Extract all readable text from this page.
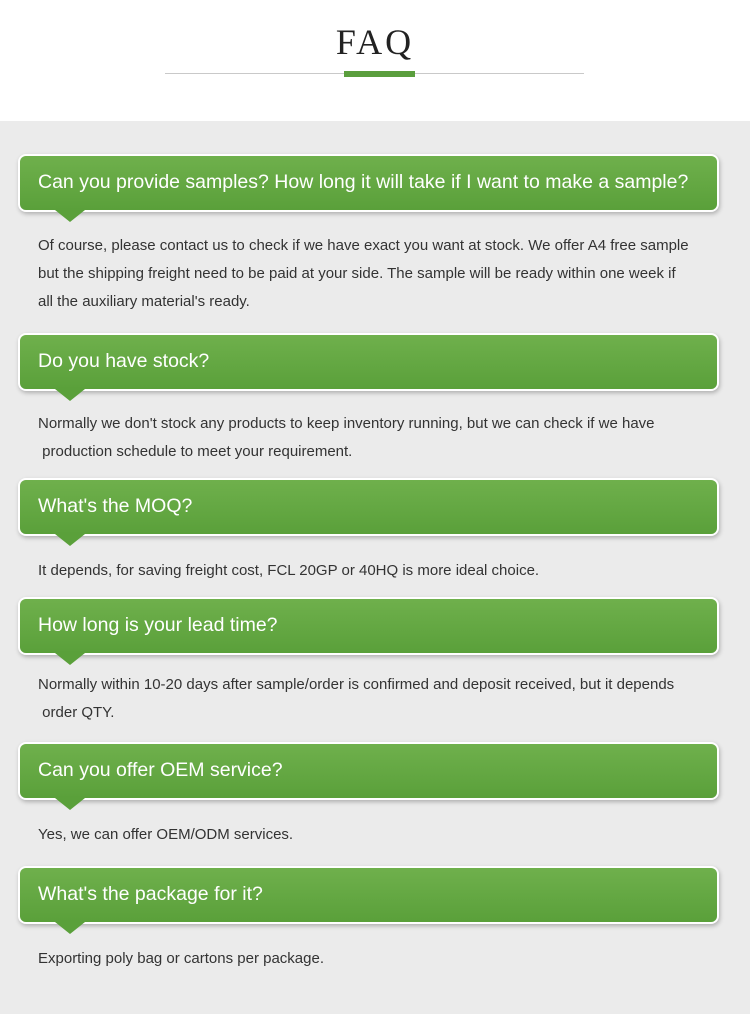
FAQ
Can you provide samples? How long it will take if I want to make a sample?
Of course, please contact us to check if we have exact you want at stock. We offer A4 free sample
but the shipping freight need to be paid at your side. The sample will be ready within one week if
all the auxiliary material's ready.
Do you have stock?
Normally we don't stock any products to keep inventory running, but we can check if we have
production schedule to meet your requirement.
What's the MOQ?
It depends, for saving freight cost, FCL 20GP or 40HQ is more ideal choice.
How long is your lead time?
Normally within 10-20 days after sample/order is confirmed and deposit received, but it depends
order QTY.
Can you offer OEM service?
Yes, we can offer OEM/ODM services.
What's the package for it?
Exporting poly bag or cartons per package.
